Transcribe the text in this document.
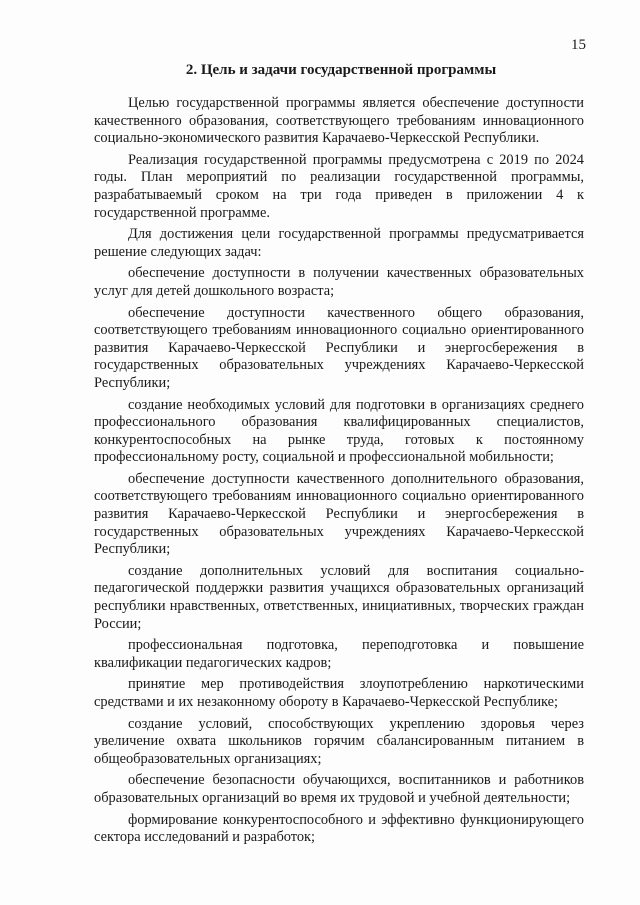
15
2. Цель и задачи государственной программы

Целью государственной программы является обеспечение доступности качественного образования, соответствующего требованиям инновационного социально-экономического развития Карачаево-Черкесской Республики.

Реализация государственной программы предусмотрена с 2019 по 2024 годы. План мероприятий по реализации государственной программы, разрабатываемый сроком на три года приведен в приложении 4 к государственной программе.

Для достижения цели государственной программы предусматривается решение следующих задач:

обеспечение доступности в получении качественных образовательных услуг для детей дошкольного возраста;

обеспечение доступности качественного общего образования, соответствующего требованиям инновационного социально ориентированного развития Карачаево-Черкесской Республики и энергосбережения в государственных образовательных учреждениях Карачаево-Черкесской Республики;

создание необходимых условий для подготовки в организациях среднего профессионального образования квалифицированных специалистов, конкурентоспособных на рынке труда, готовых к постоянному профессиональному росту, социальной и профессиональной мобильности;

обеспечение доступности качественного дополнительного образования, соответствующего требованиям инновационного социально ориентированного развития Карачаево-Черкесской Республики и энергосбережения в государственных образовательных учреждениях Карачаево-Черкесской Республики;

создание дополнительных условий для воспитания социально-педагогической поддержки развития учащихся образовательных организаций республики нравственных, ответственных, инициативных, творческих граждан России;

профессиональная подготовка, переподготовка и повышение квалификации педагогических кадров;

принятие мер противодействия злоупотреблению наркотическими средствами и их незаконному обороту в Карачаево-Черкесской Республике;

создание условий, способствующих укреплению здоровья через увеличение охвата школьников горячим сбалансированным питанием в общеобразовательных организациях;

обеспечение безопасности обучающихся, воспитанников и работников образовательных организаций во время их трудовой и учебной деятельности;

формирование конкурентоспособного и эффективно функционирующего сектора исследований и разработок;
